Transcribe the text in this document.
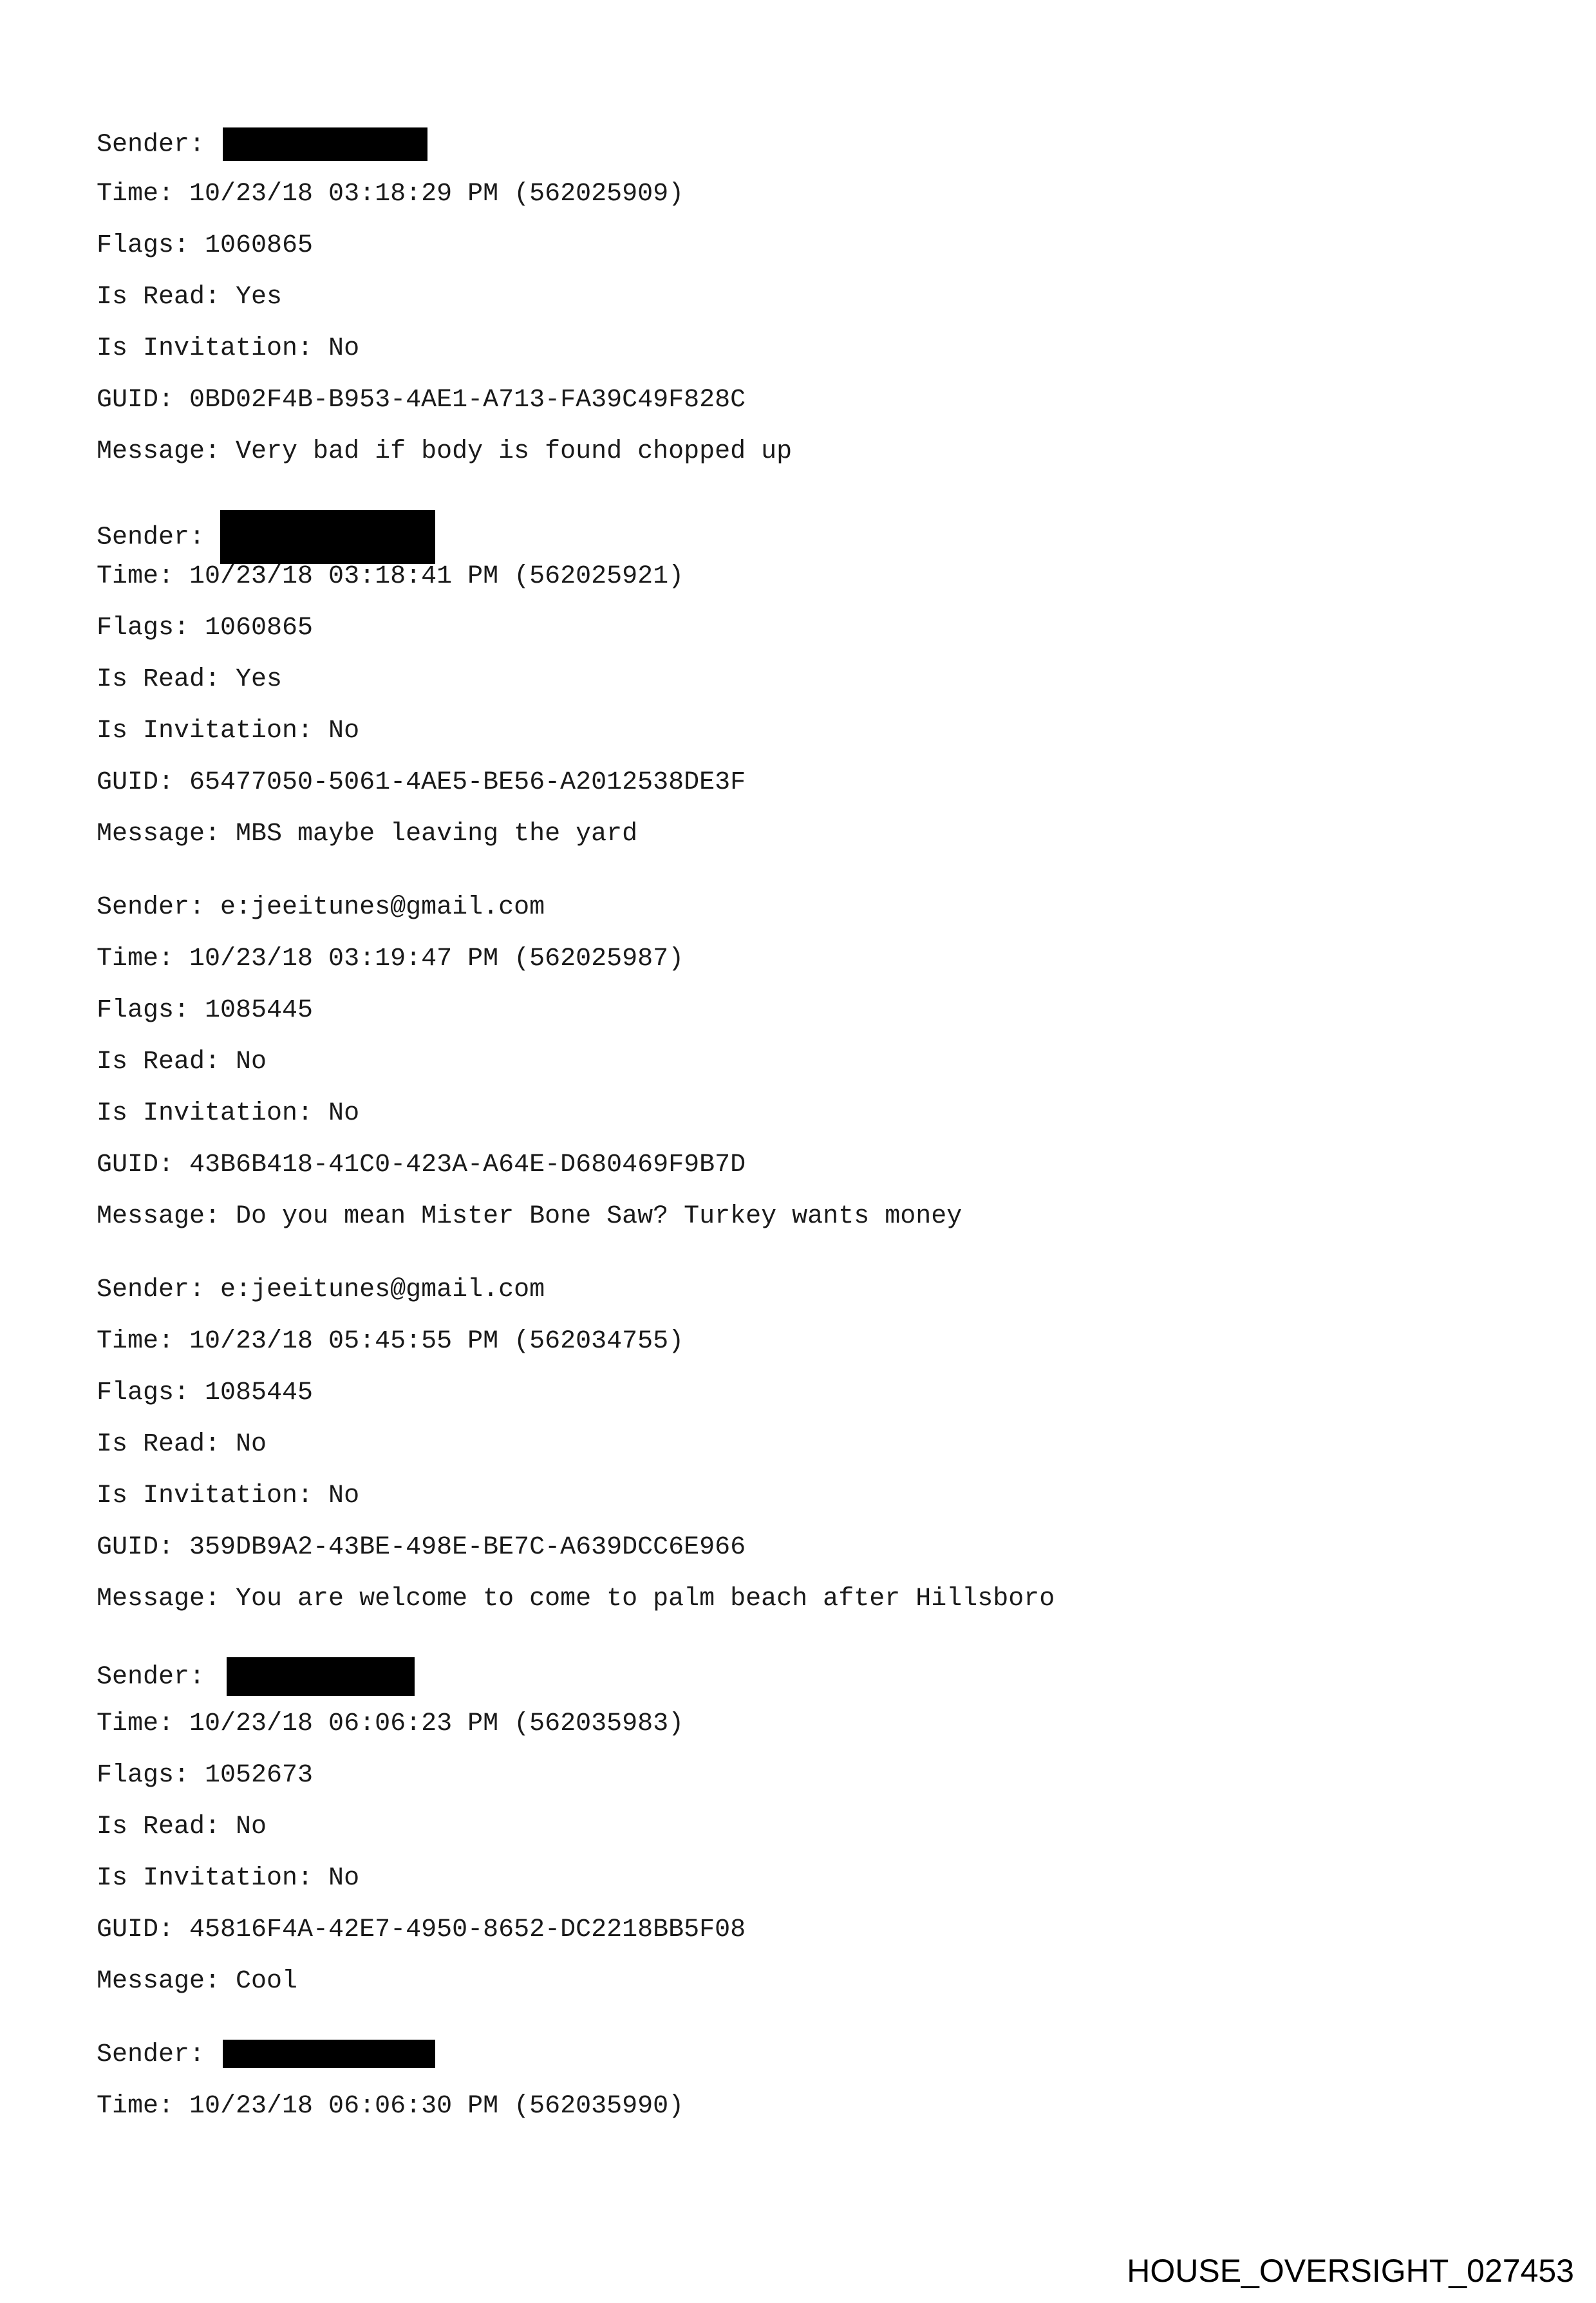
Sender:
Time: 10/23/18 03:18:29 PM (562025909)
Flags: 1060865
Is Read: Yes
Is Invitation: No
GUID: 0BD02F4B-B953-4AE1-A713-FA39C49F828C
Message: Very bad if body is found chopped up
Sender:
Time: 10/23/18 03:18:41 PM (562025921)
Flags: 1060865
Is Read: Yes
Is Invitation: No
GUID: 65477050-5061-4AE5-BE56-A2012538DE3F
Message: MBS maybe leaving the yard
Sender: e:jeeitunes@gmail.com
Time: 10/23/18 03:19:47 PM (562025987)
Flags: 1085445
Is Read: No
Is Invitation: No
GUID: 43B6B418-41C0-423A-A64E-D680469F9B7D
Message: Do you mean Mister Bone Saw? Turkey wants money
Sender: e:jeeitunes@gmail.com
Time: 10/23/18 05:45:55 PM (562034755)
Flags: 1085445
Is Read: No
Is Invitation: No
GUID: 359DB9A2-43BE-498E-BE7C-A639DCC6E966
Message: You are welcome to come to palm beach after Hillsboro
Sender:
Time: 10/23/18 06:06:23 PM (562035983)
Flags: 1052673
Is Read: No
Is Invitation: No
GUID: 45816F4A-42E7-4950-8652-DC2218BB5F08
Message: Cool
Sender:
Time: 10/23/18 06:06:30 PM (562035990)
HOUSE_OVERSIGHT_027453
